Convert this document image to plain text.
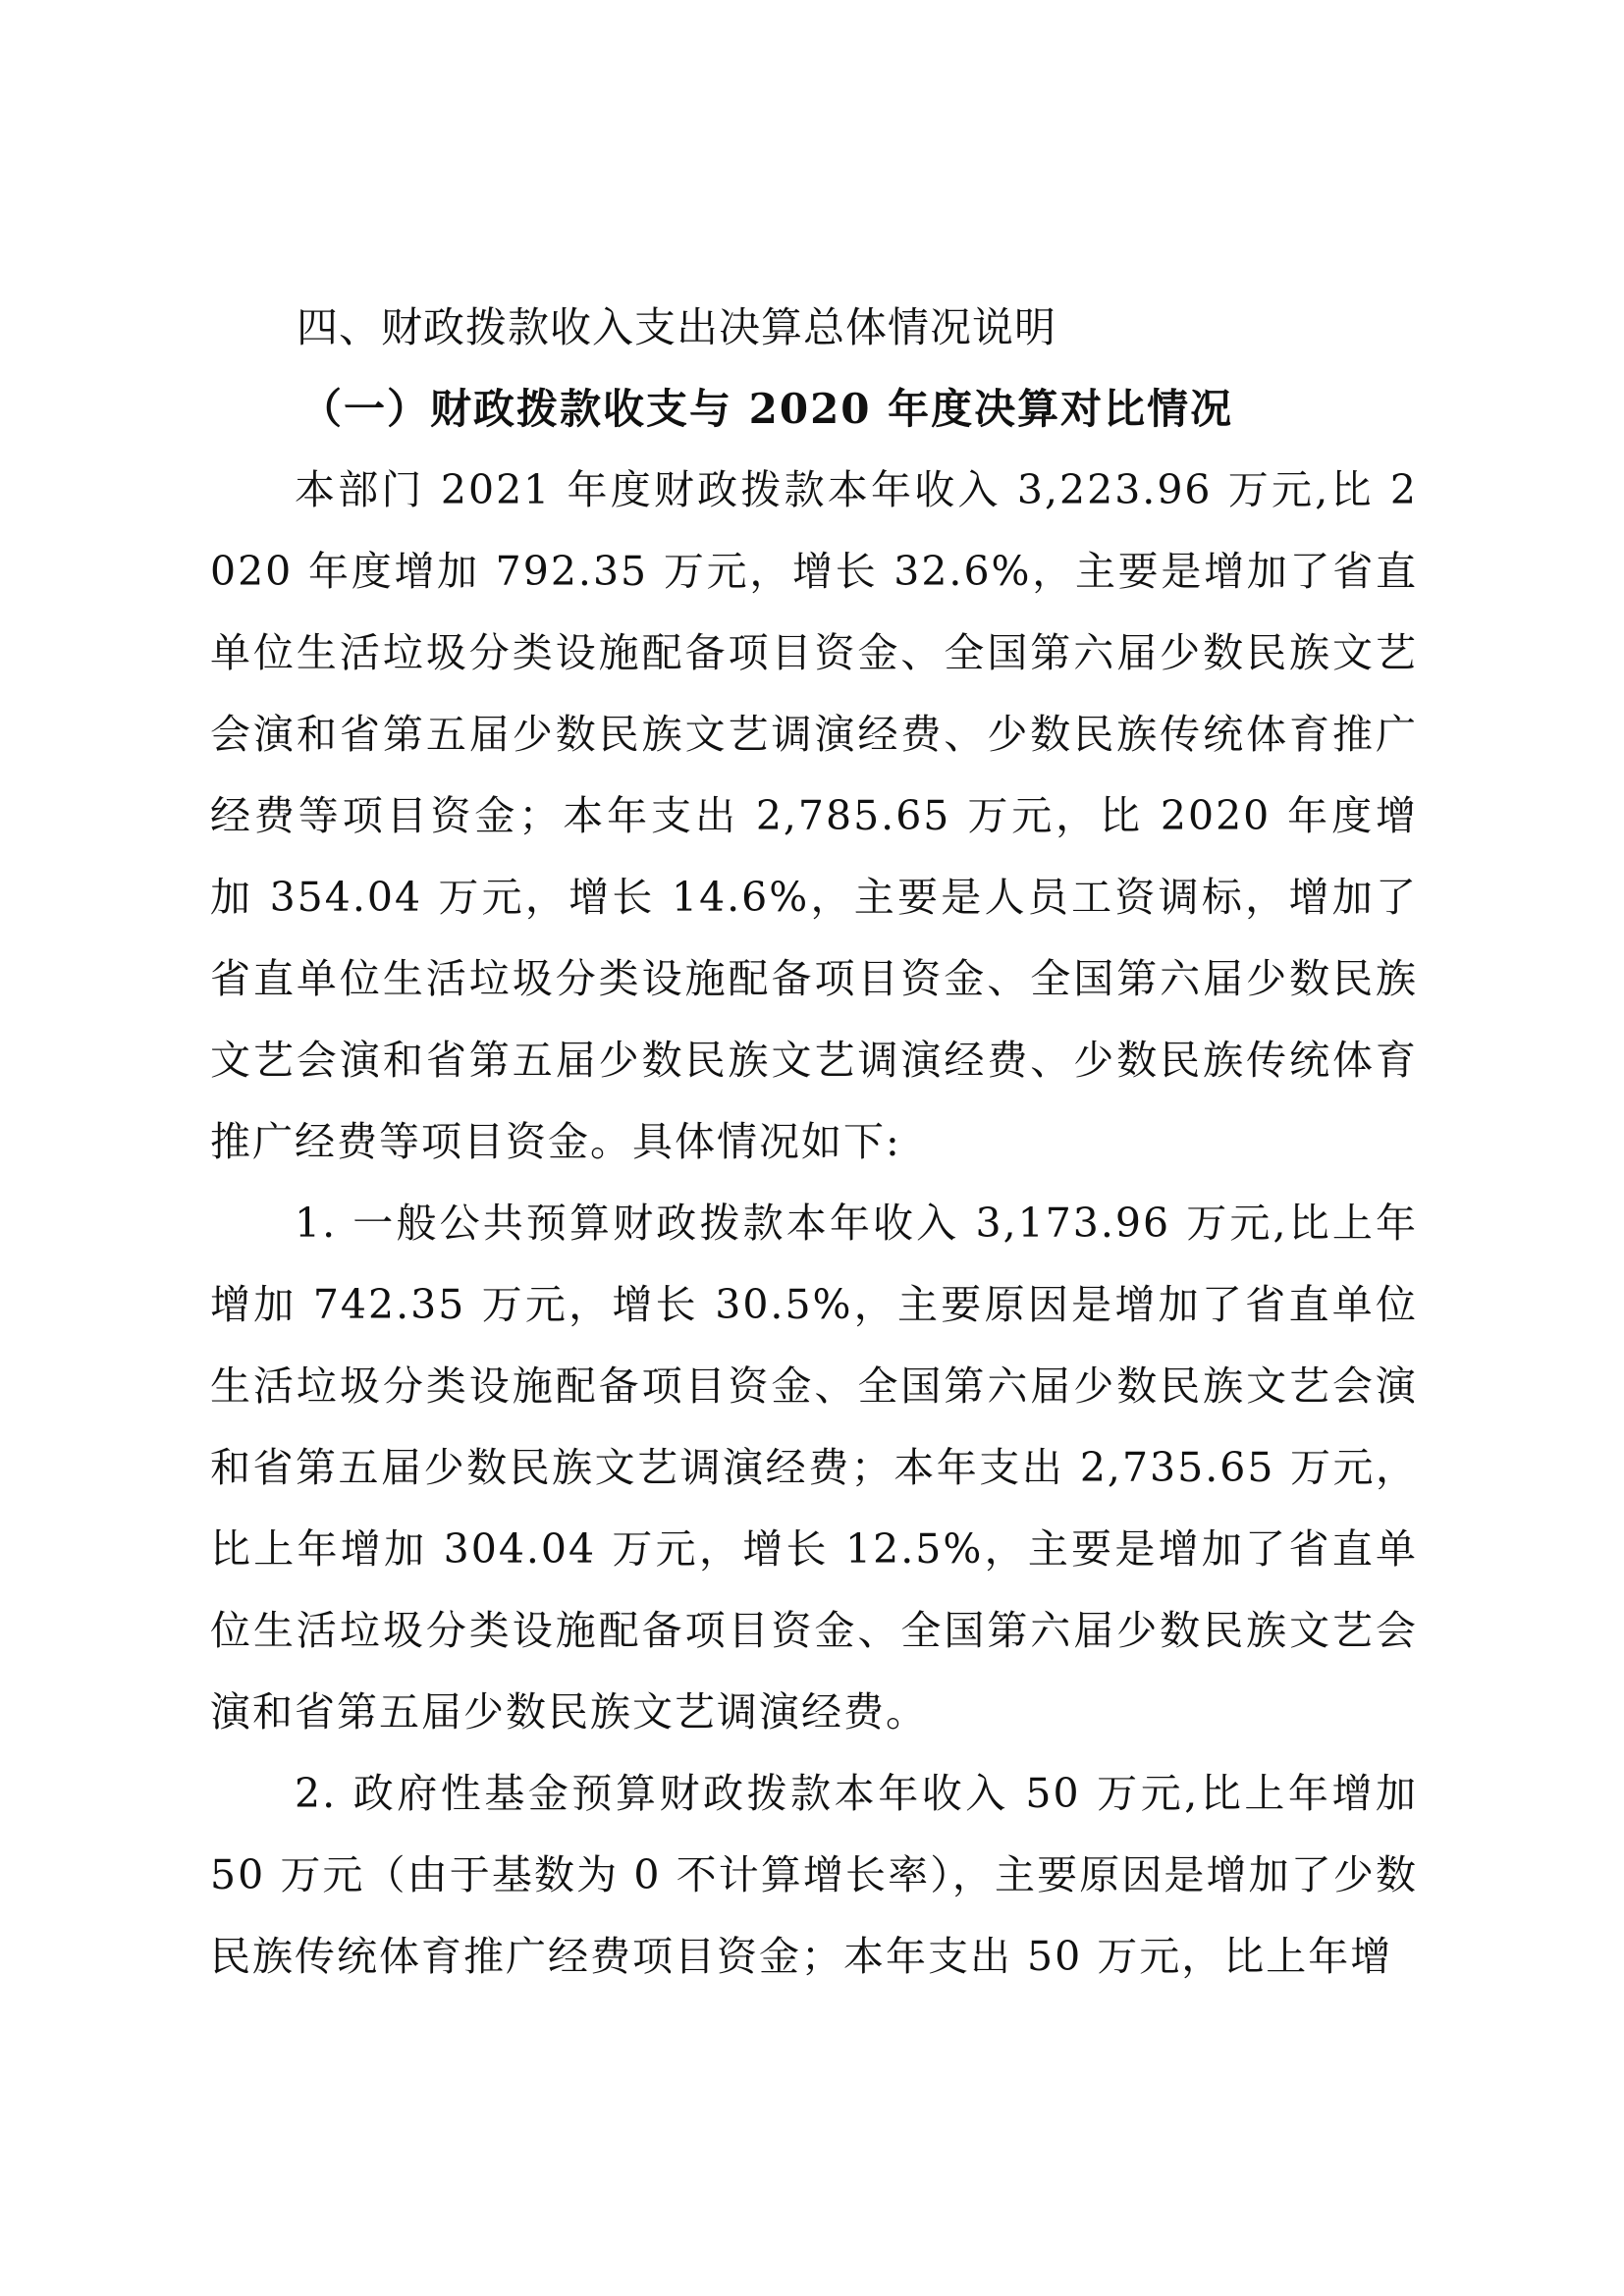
四、财政拨款收入支出决算总体情况说明
（一）财政拨款收支与 2020 年度决算对比情况

本部门 2021 年度财政拨款本年收入 3,223.96 万元,比 2020 年度增加 792.35 万元，增长 32.6%，主要是增加了省直单位生活垃圾分类设施配备项目资金、全国第六届少数民族文艺会演和省第五届少数民族文艺调演经费、少数民族传统体育推广经费等项目资金；本年支出 2,785.65 万元，比 2020 年度增加 354.04 万元，增长 14.6%，主要是人员工资调标，增加了省直单位生活垃圾分类设施配备项目资金、全国第六届少数民族文艺会演和省第五届少数民族文艺调演经费、少数民族传统体育推广经费等项目资金。具体情况如下:

1. 一般公共预算财政拨款本年收入 3,173.96 万元,比上年增加 742.35 万元，增长 30.5%，主要原因是增加了省直单位生活垃圾分类设施配备项目资金、全国第六届少数民族文艺会演和省第五届少数民族文艺调演经费；本年支出 2,735.65 万元，比上年增加 304.04 万元，增长 12.5%，主要是增加了省直单位生活垃圾分类设施配备项目资金、全国第六届少数民族文艺会演和省第五届少数民族文艺调演经费。

2. 政府性基金预算财政拨款本年收入 50 万元,比上年增加 50 万元（由于基数为 0 不计算增长率），主要原因是增加了少数民族传统体育推广经费项目资金；本年支出 50 万元，比上年增
